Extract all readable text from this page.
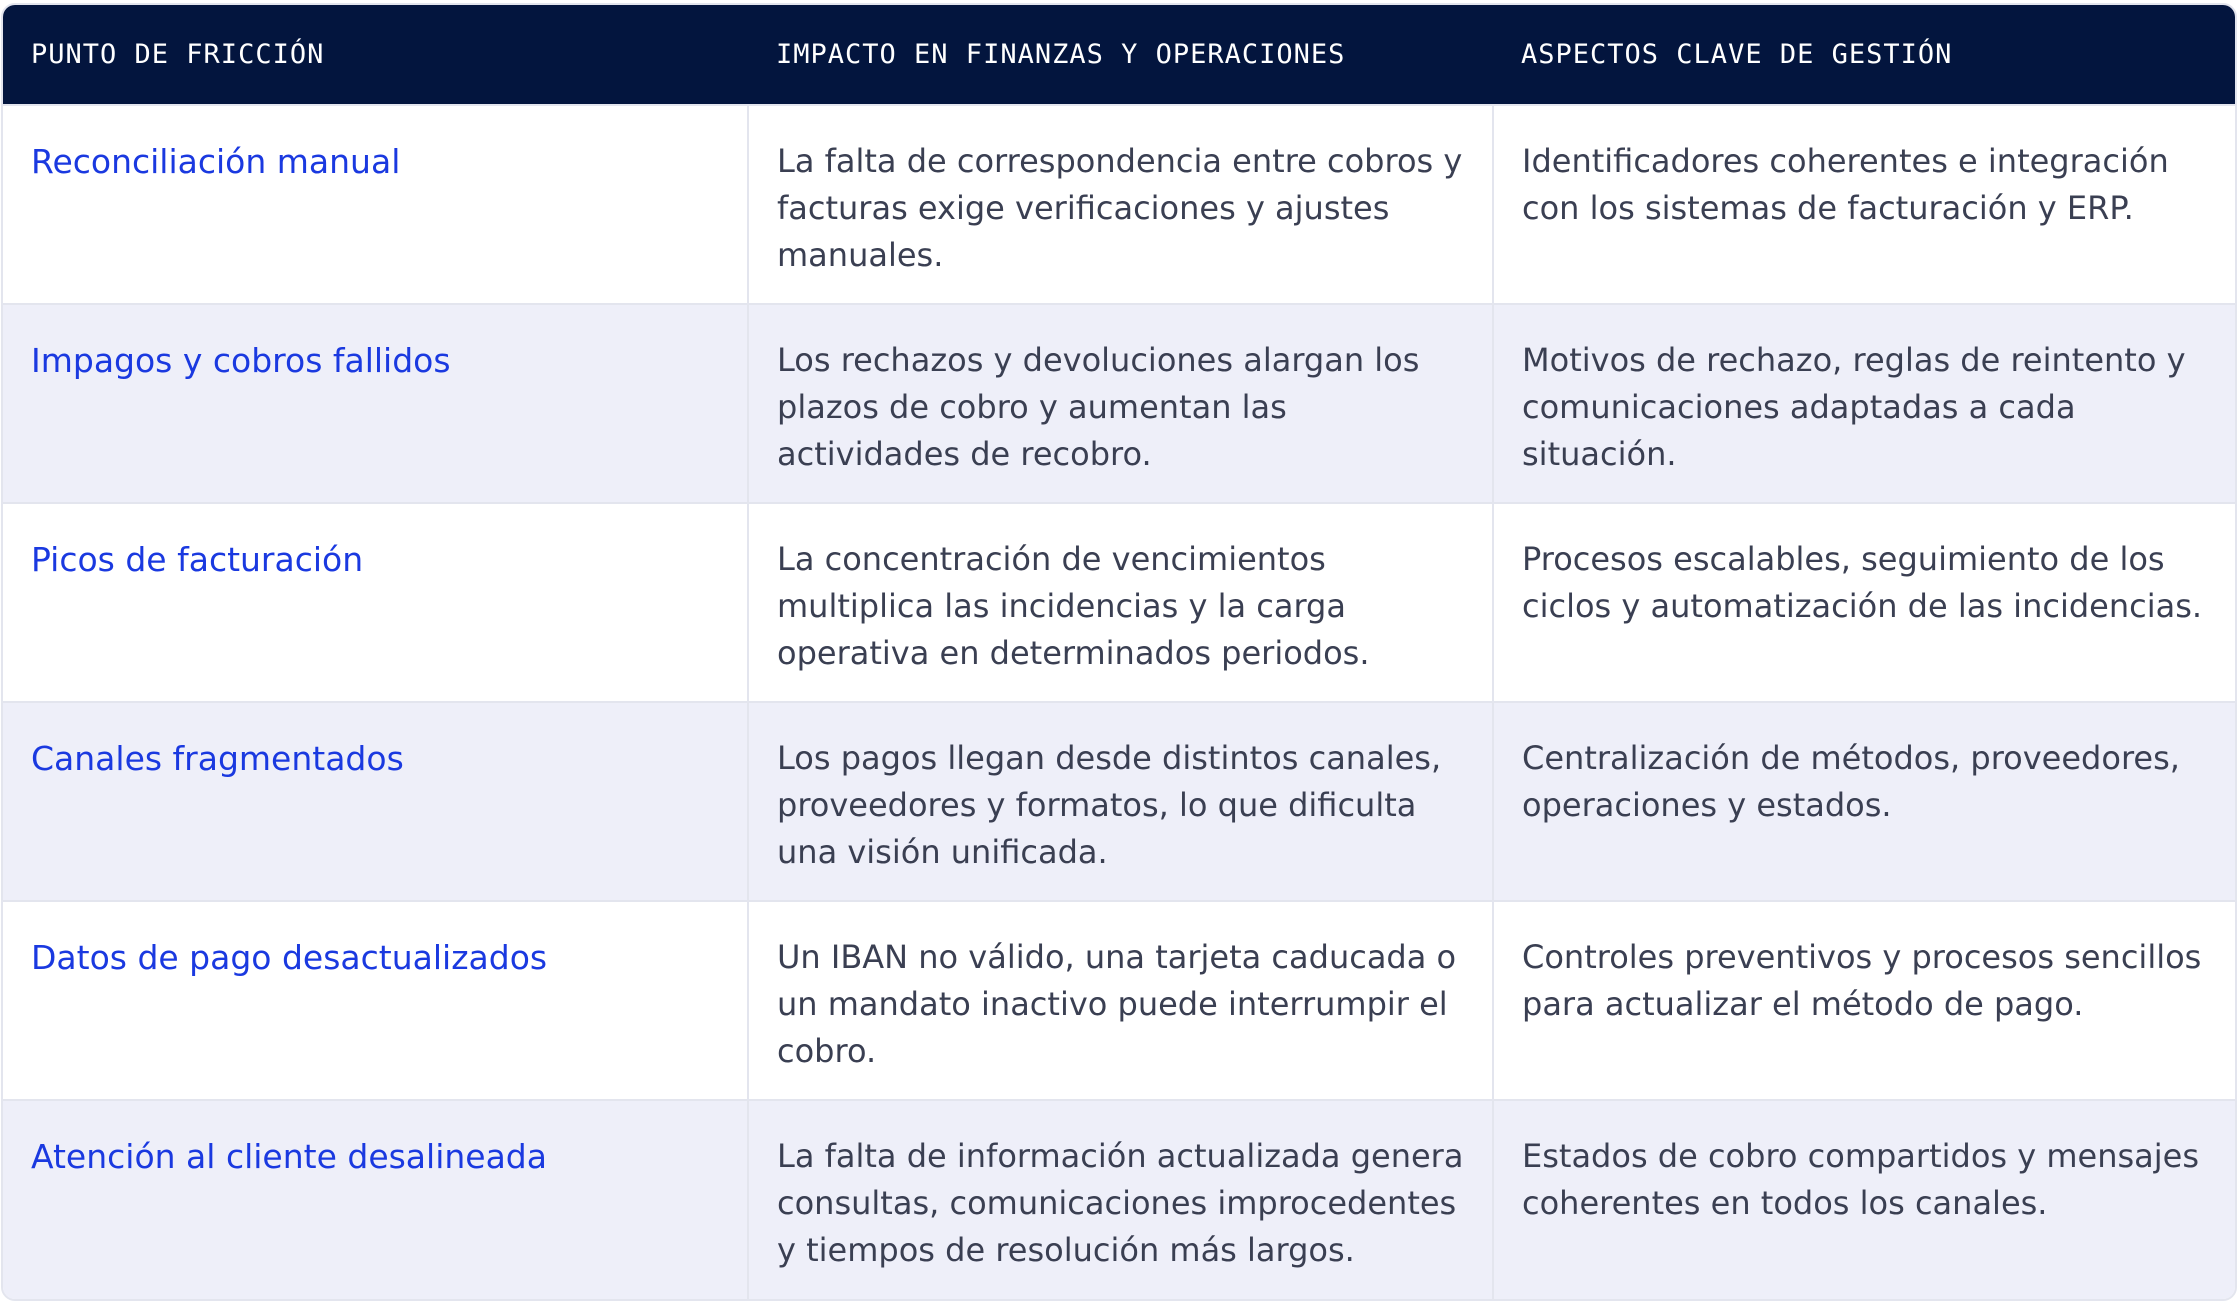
PUNTO DE FRICCIÓN	IMPACTO EN FINANZAS Y OPERACIONES	ASPECTOS CLAVE DE GESTIÓN
Reconciliación manual	La falta de correspondencia entre cobros y facturas exige verificaciones y ajustes manuales.	Identificadores coherentes e integración con los sistemas de facturación y ERP.
Impagos y cobros fallidos	Los rechazos y devoluciones alargan los plazos de cobro y aumentan las actividades de recobro.	Motivos de rechazo, reglas de reintento y comunicaciones adaptadas a cada situación.
Picos de facturación	La concentración de vencimientos multiplica las incidencias y la carga operativa en determinados periodos.	Procesos escalables, seguimiento de los ciclos y automatización de las incidencias.
Canales fragmentados	Los pagos llegan desde distintos canales, proveedores y formatos, lo que dificulta una visión unificada.	Centralización de métodos, proveedores, operaciones y estados.
Datos de pago desactualizados	Un IBAN no válido, una tarjeta caducada o un mandato inactivo puede interrumpir el cobro.	Controles preventivos y procesos sencillos para actualizar el método de pago.
Atención al cliente desalineada	La falta de información actualizada genera consultas, comunicaciones improcedentes y tiempos de resolución más largos.	Estados de cobro compartidos y mensajes coherentes en todos los canales.
